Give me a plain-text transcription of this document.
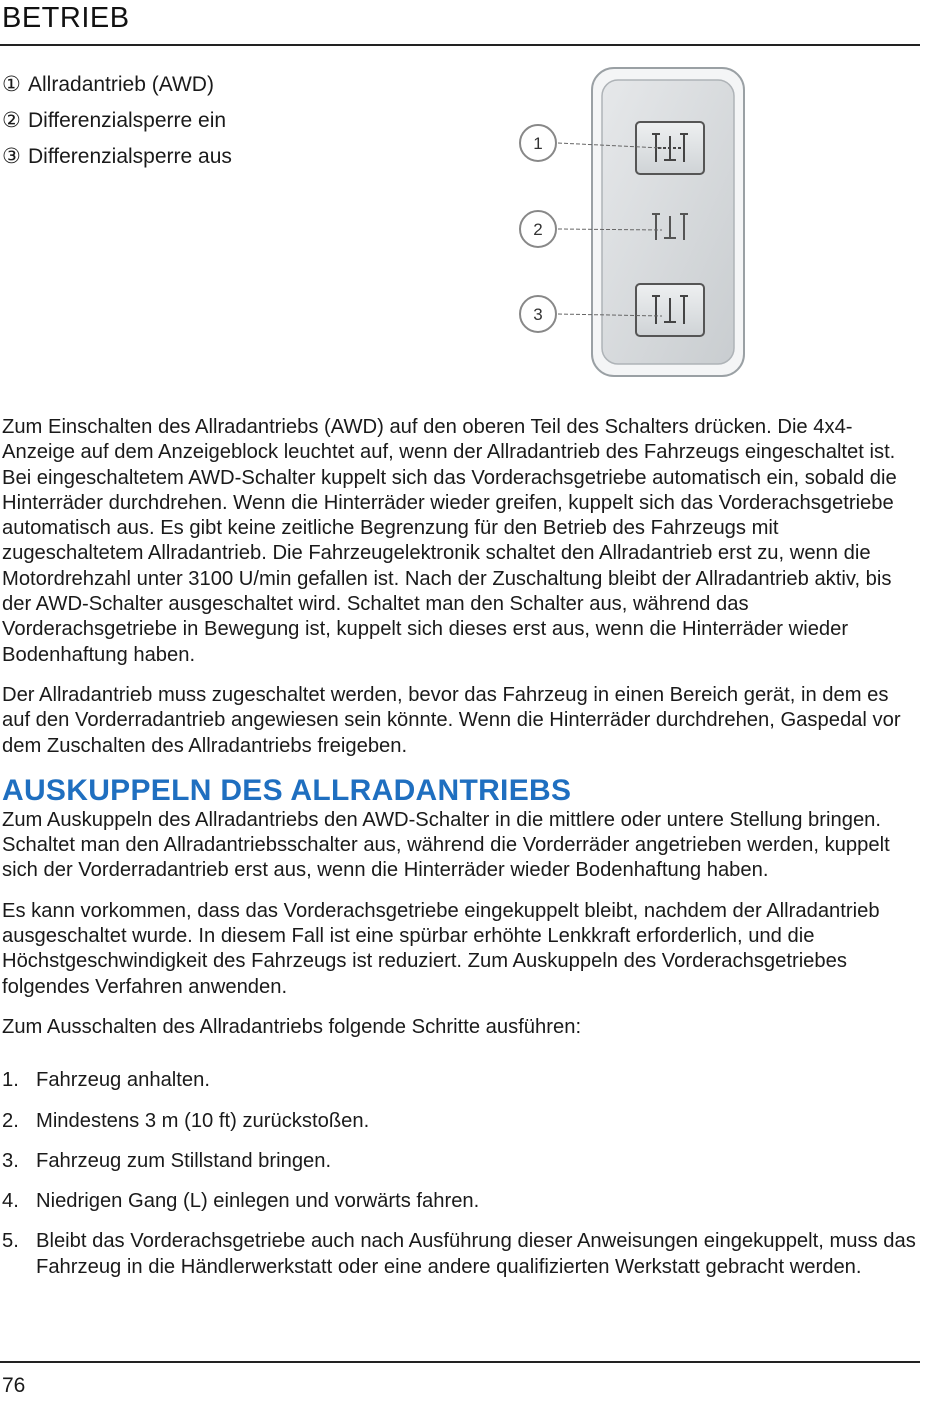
BETRIEB
① Allradantrieb (AWD)
② Differenzialsperre ein
③ Differenzialsperre aus
1
2
3

Zum Einschalten des Allradantriebs (AWD) auf den oberen Teil des Schalters drücken. Die 4x4-Anzeige auf dem Anzeigeblock leuchtet auf, wenn der Allradantrieb des Fahrzeugs eingeschaltet ist. Bei eingeschaltetem AWD-Schalter kuppelt sich das Vorderachsgetriebe automatisch ein, sobald die Hinterräder durchdrehen. Wenn die Hinterräder wieder greifen, kuppelt sich das Vorderachsgetriebe automatisch aus. Es gibt keine zeitliche Begrenzung für den Betrieb des Fahrzeugs mit zugeschaltetem Allradantrieb. Die Fahrzeugelektronik schaltet den Allradantrieb erst zu, wenn die Motordrehzahl unter 3100 U/min gefallen ist. Nach der Zuschaltung bleibt der Allradantrieb aktiv, bis der AWD-Schalter ausgeschaltet wird. Schaltet man den Schalter aus, während das Vorderachsgetriebe in Bewegung ist, kuppelt sich dieses erst aus, wenn die Hinterräder wieder Bodenhaftung haben.

Der Allradantrieb muss zugeschaltet werden, bevor das Fahrzeug in einen Bereich gerät, in dem es auf den Vorderradantrieb angewiesen sein könnte. Wenn die Hinterräder durchdrehen, Gaspedal vor dem Zuschalten des Allradantriebs freigeben.

AUSKUPPELN DES ALLRADANTRIEBS

Zum Auskuppeln des Allradantriebs den AWD-Schalter in die mittlere oder untere Stellung bringen. Schaltet man den Allradantriebsschalter aus, während die Vorderräder angetrieben werden, kuppelt sich der Vorderradantrieb erst aus, wenn die Hinterräder wieder Bodenhaftung haben.

Es kann vorkommen, dass das Vorderachsgetriebe eingekuppelt bleibt, nachdem der Allradantrieb ausgeschaltet wurde. In diesem Fall ist eine spürbar erhöhte Lenkkraft erforderlich, und die Höchstgeschwindigkeit des Fahrzeugs ist reduziert. Zum Auskuppeln des Vorderachsgetriebes folgendes Verfahren anwenden.

Zum Ausschalten des Allradantriebs folgende Schritte ausführen:

1. Fahrzeug anhalten.
2. Mindestens 3 m (10 ft) zurückstoßen.
3. Fahrzeug zum Stillstand bringen.
4. Niedrigen Gang (L) einlegen und vorwärts fahren.
5. Bleibt das Vorderachsgetriebe auch nach Ausführung dieser Anweisungen eingekuppelt, muss das Fahrzeug in die Händlerwerkstatt oder eine andere qualifizierten Werkstatt gebracht werden.
76
